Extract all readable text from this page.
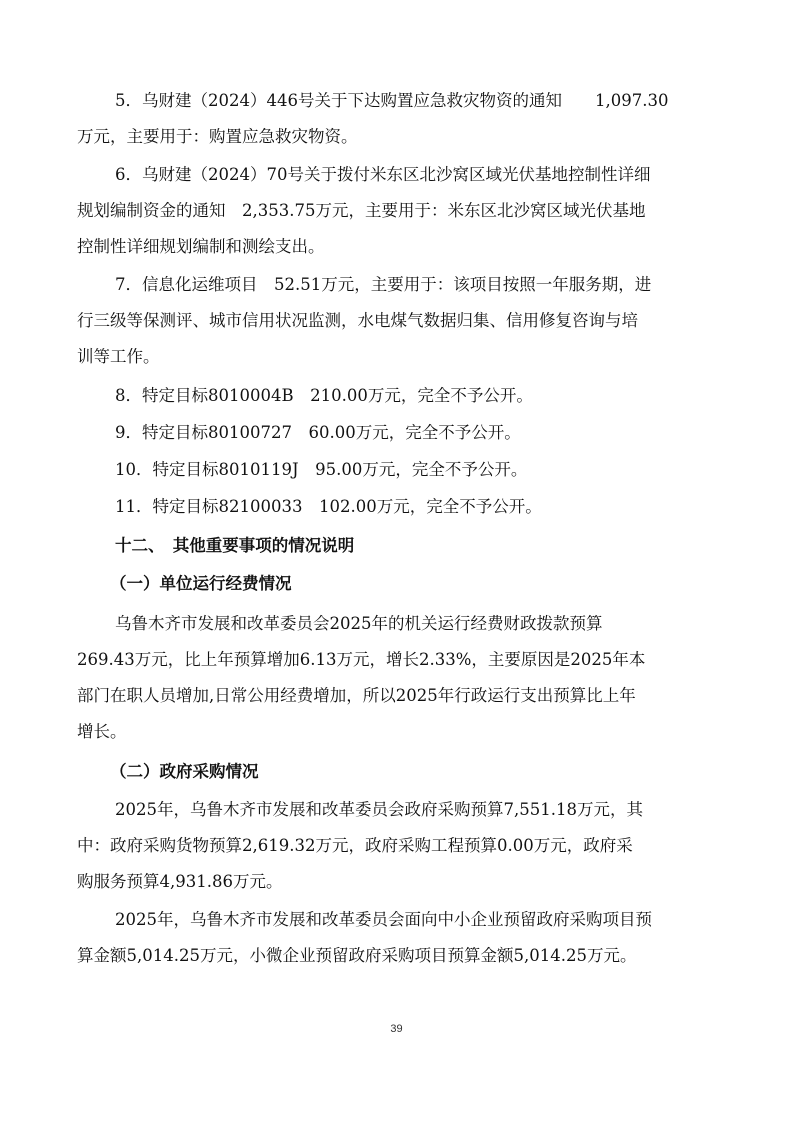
5．乌财建（2024）446号关于下达购置应急救灾物资的通知　　1,097.30
万元，主要用于：购置应急救灾物资。
6．乌财建（2024）70号关于拨付米东区北沙窝区域光伏基地控制性详细
规划编制资金的通知　2,353.75万元，主要用于：米东区北沙窝区域光伏基地
控制性详细规划编制和测绘支出。
7．信息化运维项目　52.51万元，主要用于：该项目按照一年服务期，进
行三级等保测评、城市信用状况监测，水电煤气数据归集、信用修复咨询与培
训等工作。
8．特定目标8010004B　210.00万元，完全不予公开。
9．特定目标80100727　60.00万元，完全不予公开。
10．特定目标8010119J　95.00万元，完全不予公开。
11．特定目标82100033　102.00万元，完全不予公开。
十二、　其他重要事项的情况说明
（一）单位运行经费情况
乌鲁木齐市发展和改革委员会2025年的机关运行经费财政拨款预算
269.43万元，比上年预算增加6.13万元，增长2.33%，主要原因是2025年本
部门在职人员增加,日常公用经费增加，所以2025年行政运行支出预算比上年
增长。
（二）政府采购情况
2025年，乌鲁木齐市发展和改革委员会政府采购预算7,551.18万元，其
中：政府采购货物预算2,619.32万元，政府采购工程预算0.00万元，政府采
购服务预算4,931.86万元。
2025年，乌鲁木齐市发展和改革委员会面向中小企业预留政府采购项目预
算金额5,014.25万元，小微企业预留政府采购项目预算金额5,014.25万元。
39
